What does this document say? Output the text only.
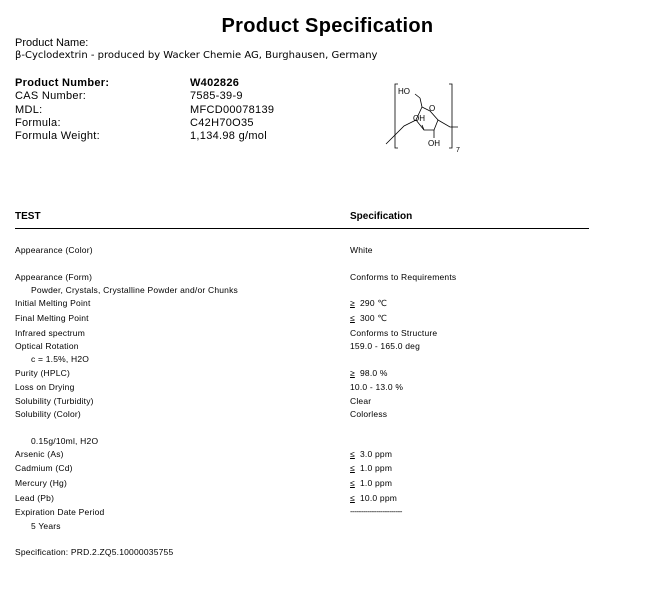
Product Specification
Product Name:
β-Cyclodextrin - produced by Wacker Chemie AG, Burghausen, Germany
Product Number:	W402826
CAS Number:	7585-39-9
MDL:	MFCD00078139
Formula:	C42H70O35
Formula Weight:	1,134.98 g/mol
HO
O
OH
OH
7
TEST	Specification
Appearance (Color)	White
Appearance (Form)	Conforms to Requirements
Powder, Crystals, Crystalline Powder and/or Chunks
Initial Melting Point	≥ 290 ℃
Final Melting Point	≤ 300 ℃
Infrared spectrum	Conforms to Structure
Optical Rotation	159.0 - 165.0 deg
c = 1.5%, H2O
Purity (HPLC)	≥ 98.0 %
Loss on Drying	10.0 - 13.0 %
Solubility (Turbidity)	Clear
Solubility (Color)	Colorless
0.15g/10ml, H2O
Arsenic (As)	≤ 3.0 ppm
Cadmium (Cd)	≤ 1.0 ppm
Mercury (Hg)	≤ 1.0 ppm
Lead (Pb)	≤ 10.0 ppm
Expiration Date Period	------------------------
5 Years
Specification: PRD.2.ZQ5.10000035755
